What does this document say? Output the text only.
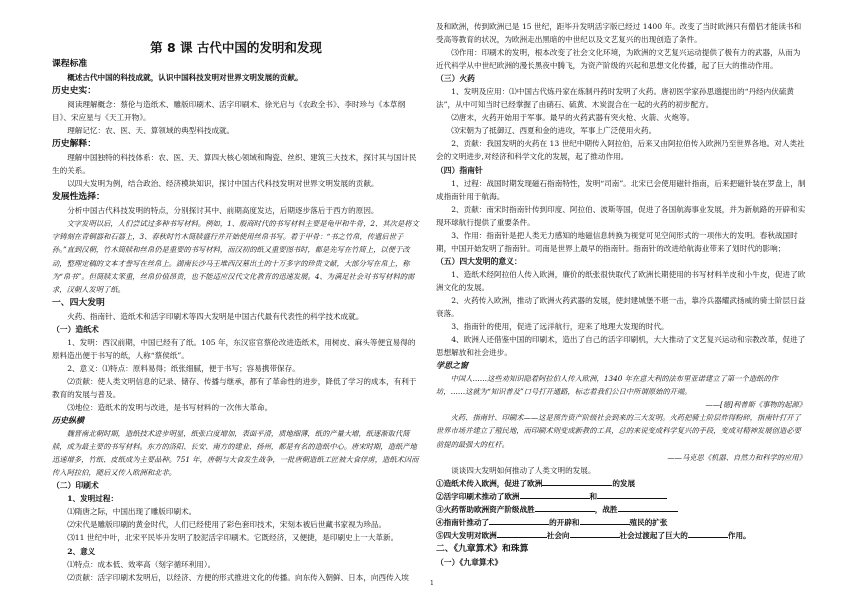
第 8 课 古代中国的发明和发现

课程标准

概述古代中国的科技成就，认识中国科技发明对世界文明发展的贡献。

历史史实：

阅读理解概念：蔡伦与造纸术、雕版印刷术、活字印刷术、徐光启与《农政全书》、李时珍与《本草纲目》、宋应星与《天工开物》。

理解记忆：农、医、天、算领域的典型科技成就。

历史解释：

理解中国独特的科技体系：农、医、天、算四大核心领域和陶瓷、丝织、建筑三大技术，探讨其与国计民生的关系。

以四大发明为例，结合政治、经济模块知识，探讨中国古代科技发明对世界文明发展的贡献。

发展性选择：

分析中国古代科技发明的特点，分别探讨其中、前期高度发达，后期逐步落后于西方的原因。

文字发明以后，人们尝试过多种书写材料。例如，1、殷商时代的书写材料主要是龟甲和牛骨，2、其次是将文字铸刻在青铜器和石器上，3、春秋时竹木简牍盛行并开始使用丝帛书写。着于甲骨：“书之竹帛，传遗后世子孙。”直到汉朝，竹木简牍和丝帛仍是重要的书写材料，而汉初的纸又重要图书时，都是先写在竹简上，以便于改动，整理定稿的文本才誊写在丝帛上。湖南长沙马王堆西汉墓出土的十万多字的珍贵文献，大部分写在帛上，称为“帛书”。但简牍太笨重，丝帛价值昂贵，也不能适应汉代文化教育的迅速发展。4、为满足社会对书写材料的需求，汉朝人发明了纸。

一、四大发明

火药、指南针、造纸术和活字印刷术等四大发明是中国古代最有代表性的科学技术成就。

（一）造纸术

1、发明：西汉前期，中国已经有了纸。105 年，东汉宦官蔡伦改进造纸术，用树皮、麻头等便宜易得的原料造出便于书写的纸，人称“蔡侯纸”。

2、意义：⑴特点：原料易得；纸张细腻，便于书写；容易携带保存。

⑵贡献：使人类文明信息的记录、储存、传播与继承，都有了革命性的进步，降低了学习的成本，有利于教育的发展与普及。

⑶地位：造纸术的发明与改进，是书写材料的一次伟大革命。

历史纵横

魏晋南北朝时期，造纸技术进步明显，纸张白度增加，表面平滑，质地细薄，纸的产量大增，纸逐渐取代简牍，成为最主要的书写材料。东方的洛阳、长安、南方的建业、扬州，都是有名的造纸中心。唐宋时期，造纸产地迅速增多，竹纸、皮纸成为主要品种。751 年，唐朝与大食发生战争，一批唐朝造纸工匠被大食俘虏，造纸术因而传入阿拉伯，随后又传入欧洲和北非。

（二）印刷术

1、发明过程：

⑴隋唐之际，中国出现了雕版印刷术。

⑵宋代是雕版印刷的黄金时代，人们已经使用了彩色套印技术，宋刻本被后世藏书家视为珍品。

⑶11 世纪中叶，北宋平民毕升发明了胶泥活字印刷术。它既经济，又便捷，是印刷史上一大革新。

2、意义

⑴特点：成本低、效率高（刻字循环利用）。

⑵贡献：活字印刷术发明后，以经济、方便的形式推进文化的传播。向东传入朝鲜、日本，向西传入埃

及和欧洲，传到欧洲已是 15 世纪，距毕升发明活字版已经过 1400 年。改变了当时欧洲只有僧侣才能读书和受高等教育的状况，为欧洲走出黑暗的中世纪以及文艺复兴的出现创造了条件。

⑶作用：印刷术的发明，根本改变了社会文化环境，为欧洲的文艺复兴运动提供了极有力的武器，从而为近代科学从中世纪欧洲的漫长黑夜中腾飞，为资产阶级的兴起和思想文化传播，起了巨大的推动作用。

（三）火药

1、发明及应用：⑴中国古代炼丹家在炼制丹药时发明了火药。唐初医学家孙思邈提出的“丹经内伏硫黄法”，从中可知当时已经掌握了由硝石、硫黄、木炭混合在一起的火药的初步配方。

⑵唐末，火药开始用于军事。最早的火药武器有突火枪、火箭、火炮等。

⑶宋朝为了抵御辽、西夏和金的进攻，军事上广泛使用火药。

2、贡献：我国发明的火药在 13 世纪中期传入阿拉伯，后来又由阿拉伯传入欧洲乃至世界各地。对人类社会的文明进步,对经济和科学文化的发展，起了推动作用。

（四）指南针

1、过程：战国时期发现磁石指南特性，发明“司南”。北宋已会使用磁针指南，后来把磁针装在罗盘上，制成指南针用于航海。

2、贡献：南宋时指南针传到印度、阿拉伯、波斯等国，促进了各国航海事业发展，并为新航路的开辟和实现环球航行提供了重要条件。

3、作用：指南针是把人类无力感知的地磁信息转换为视觉可见空间形式的一项伟大的发明。春秋战国时期，中国开始发明了指南针。司南是世界上最早的指南针。指南针的改进给航海业带来了划时代的影响；

（五）四大发明的意义：

1、造纸术经阿拉伯人传入欧洲，廉价的纸张很快取代了欧洲长期使用的书写材料羊皮和小牛皮，促进了欧洲文化的发展。

2、火药传入欧洲，推动了欧洲火药武器的发展，使封建城堡不堪一击，靠冷兵器耀武扬威的骑士阶层日益衰落。

3、指南针的使用，促进了远洋航行，迎来了地理大发现的时代。

4、欧洲人还借鉴中国的印刷术，造出了自己的活字印刷机，大大推动了文艺复兴运动和宗教改革，促进了思想解放和社会进步。

学思之窗

中国人……这些劝知识隐着阿拉伯人传入欧洲，1340 年在意大利的法布里亚诺建立了第一个造纸的作坊，……这就为“知识普及”口号打开通路，标志着我们公日中所谓原始的开端。

——[德]利普斯《事物的起源》

火药、指南针、印刷术——这是预告资产阶级社会到来的三大发明。火药把骑士阶层炸得粉碎，指南针打开了世界市场并建立了殖民地，而印刷术则变成新教的工具，总的来说变成科学复兴的手段，变成对精神发展创造必要前提的最强大的杠杆。

——马克思《机器、自然力和科学的应用》

谈谈四大发明如何推动了人类文明的发展。

①造纸术传入欧洲，促进了欧洲	的发展

②活字印刷术推动了欧洲	和

③火药帮助欧洲资产阶级战胜	，战胜

④指南针推动了	的开辟和	殖民的扩张

⑤四大发明对欧洲	社会向	社会过渡起了巨大的	作用。

二、《九章算术》和珠算

（一）《九章算术》

1
